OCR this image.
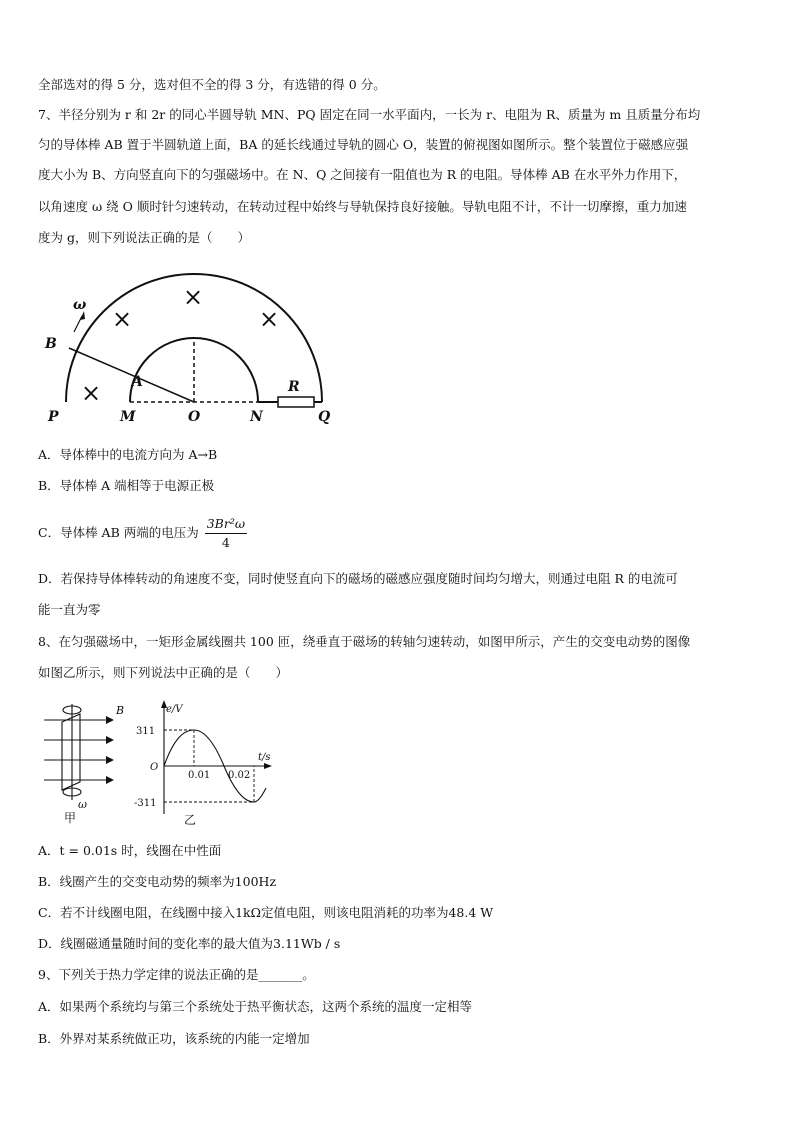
全部选对的得 5 分，选对但不全的得 3 分，有选错的得 0 分。
7、半径分别为 r 和 2r 的同心半圆导轨 MN、PQ 固定在同一水平面内，一长为 r、电阻为 R、质量为 m 且质量分布均
匀的导体棒 AB 置于半圆轨道上面，BA 的延长线通过导轨的圆心 O，装置的俯视图如图所示。整个装置位于磁感应强
度大小为 B、方向竖直向下的匀强磁场中。在 N、Q 之间接有一阻值也为 R 的电阻。导体棒 AB 在水平外力作用下，
以角速度 ω 绕 O 顺时针匀速转动，在转动过程中始终与导轨保持良好接触。导轨电阻不计，不计一切摩擦，重力加速
度为 g，则下列说法正确的是（　　）
×
×	×
×
B
A
P	M	O	N	Q
R
ω
A．导体棒中的电流方向为 A→B
B．导体棒 A 端相等于电源正极
C．导体棒 AB 两端的电压为 $\frac{\text{3Br²ω}}{4}$
D．若保持导体棒转动的角速度不变，同时使竖直向下的磁场的磁感应强度随时间均匀增大，则通过电阻 R 的电流可
能一直为零
8、在匀强磁场中，一矩形金属线圈共 100 匝，绕垂直于磁场的转轴匀速转动，如图甲所示，产生的交变电动势的图像
如图乙所示，则下列说法中正确的是（　　）
B
ω
甲
e/V
t/s
311
-311
O
0.01 0.02
乙
A．t = 0.01s 时，线圈在中性面
B．线圈产生的交变电动势的频率为100Hz
C．若不计线圈电阻，在线圈中接入1kΩ定值电阻，则该电阻消耗的功率为48.4 W
D．线圈磁通量随时间的变化率的最大值为3.11Wb / s
9、下列关于热力学定律的说法正确的是_______。
A．如果两个系统均与第三个系统处于热平衡状态，这两个系统的温度一定相等
B．外界对某系统做正功，该系统的内能一定增加
